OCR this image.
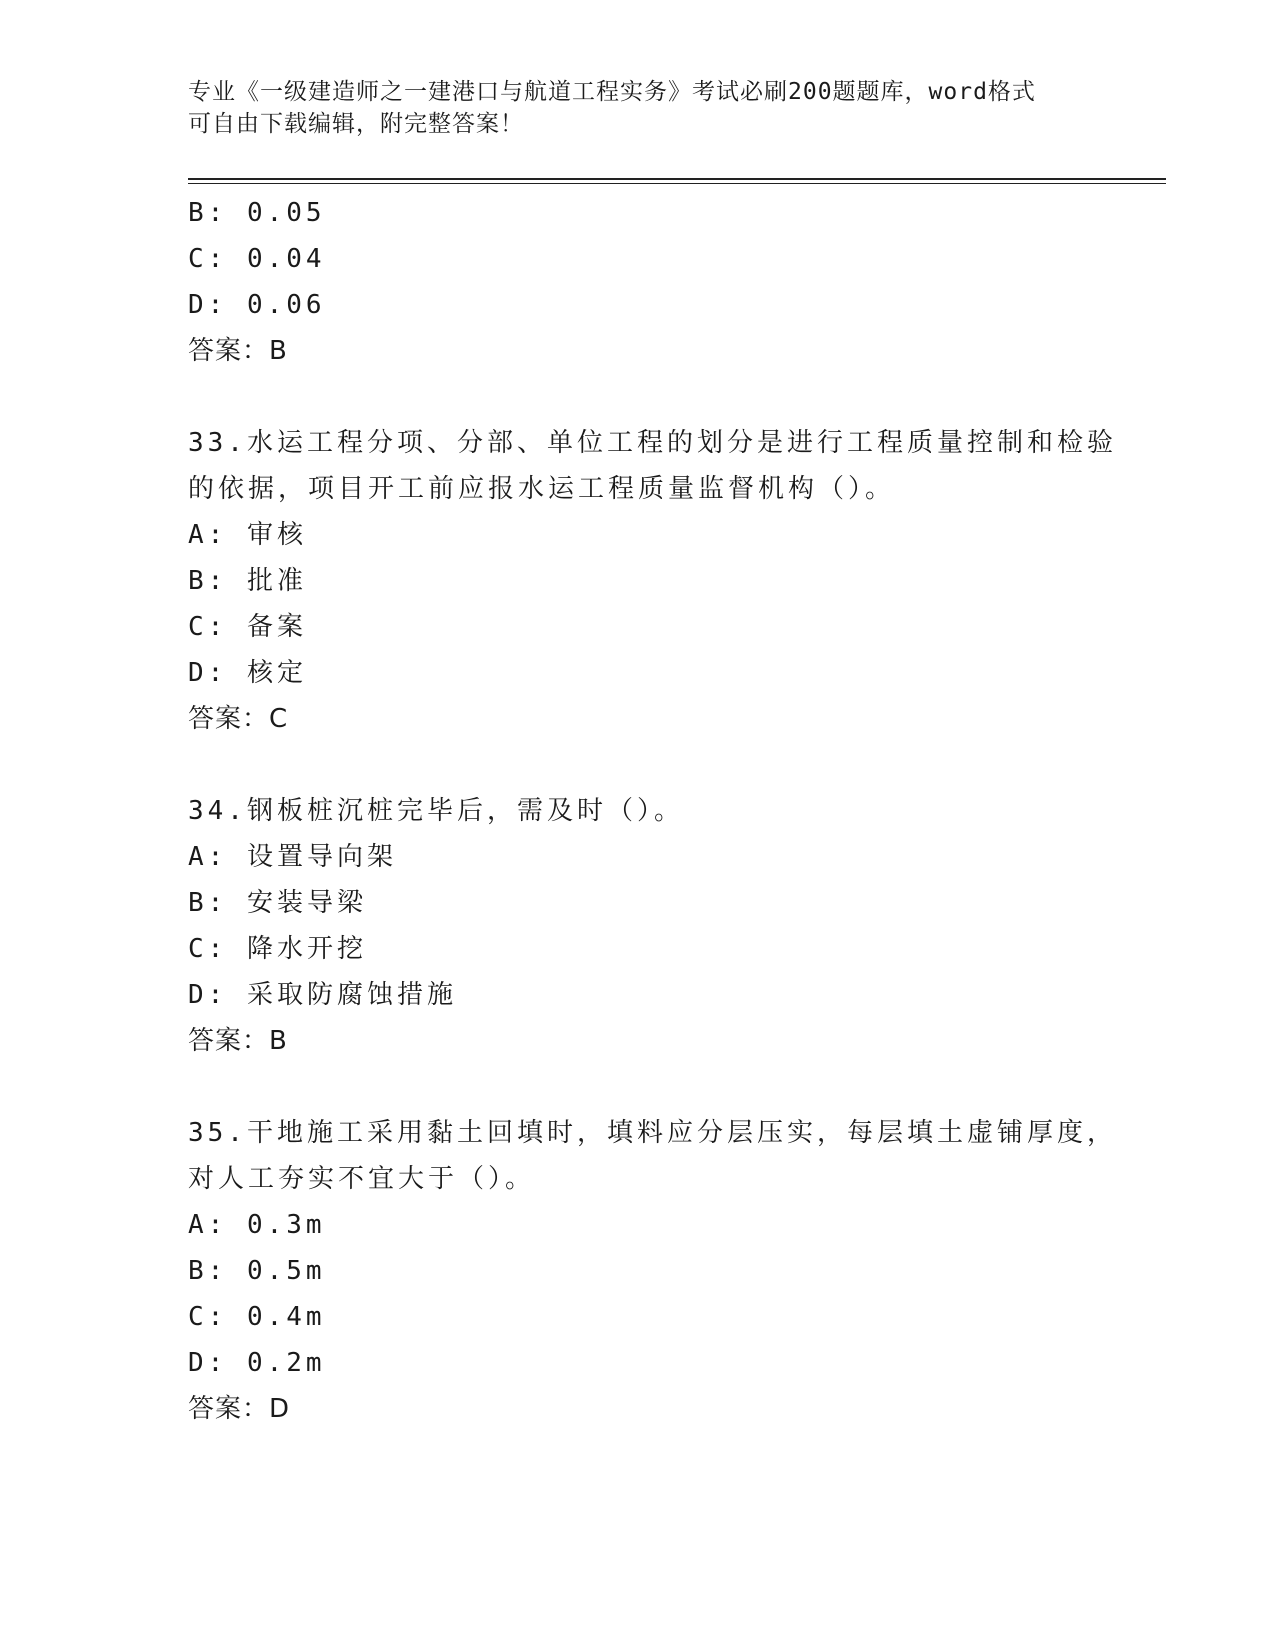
专业《一级建造师之一建港口与航道工程实务》考试必刷200题题库，word格式
可自由下载编辑，附完整答案！
B: 0.05
C: 0.04
D: 0.06
答案：B
33.水运工程分项、分部、单位工程的划分是进行工程质量控制和检验
的依据，项目开工前应报水运工程质量监督机构（）。
A: 审核
B: 批准
C: 备案
D: 核定
答案：C
34.钢板桩沉桩完毕后，需及时（）。
A: 设置导向架
B: 安装导梁
C: 降水开挖
D: 采取防腐蚀措施
答案：B
35.干地施工采用黏土回填时，填料应分层压实，每层填土虚铺厚度，
对人工夯实不宜大于（）。
A: 0.3m
B: 0.5m
C: 0.4m
D: 0.2m
答案：D
